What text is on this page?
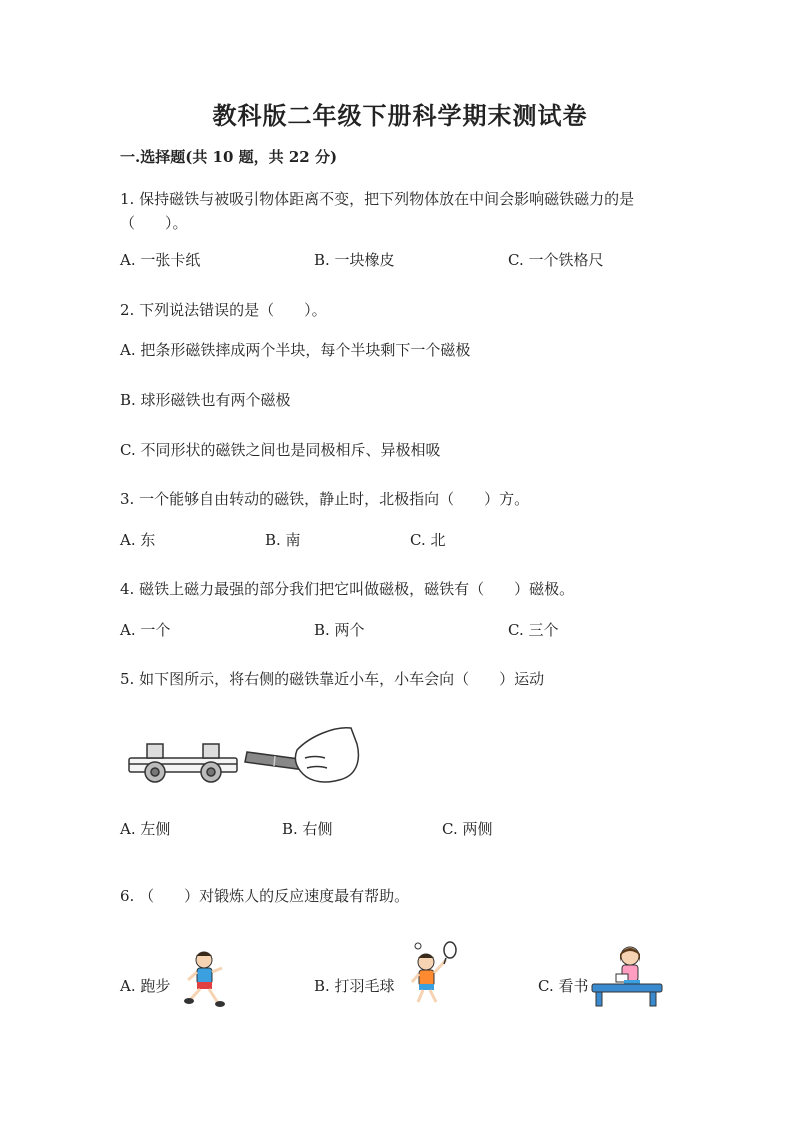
教科版二年级下册科学期末测试卷
一.选择题(共 10 题，共 22 分)
1. 保持磁铁与被吸引物体距离不变，把下列物体放在中间会影响磁铁磁力的是
（　　）。
A. 一张卡纸	B. 一块橡皮	C. 一个铁格尺
2. 下列说法错误的是（　　）。
A. 把条形磁铁摔成两个半块，每个半块剩下一个磁极
B. 球形磁铁也有两个磁极
C. 不同形状的磁铁之间也是同极相斥、异极相吸
3. 一个能够自由转动的磁铁，静止时，北极指向（　　）方。
A. 东	B. 南	C. 北
4. 磁铁上磁力最强的部分我们把它叫做磁极，磁铁有（　　）磁极。
A. 一个	B. 两个	C. 三个
5. 如下图所示，将右侧的磁铁靠近小车，小车会向（　　）运动
A. 左侧	B. 右侧	C. 两侧
6. （　　）对锻炼人的反应速度最有帮助。
A. 跑步	B. 打羽毛球	C. 看书
